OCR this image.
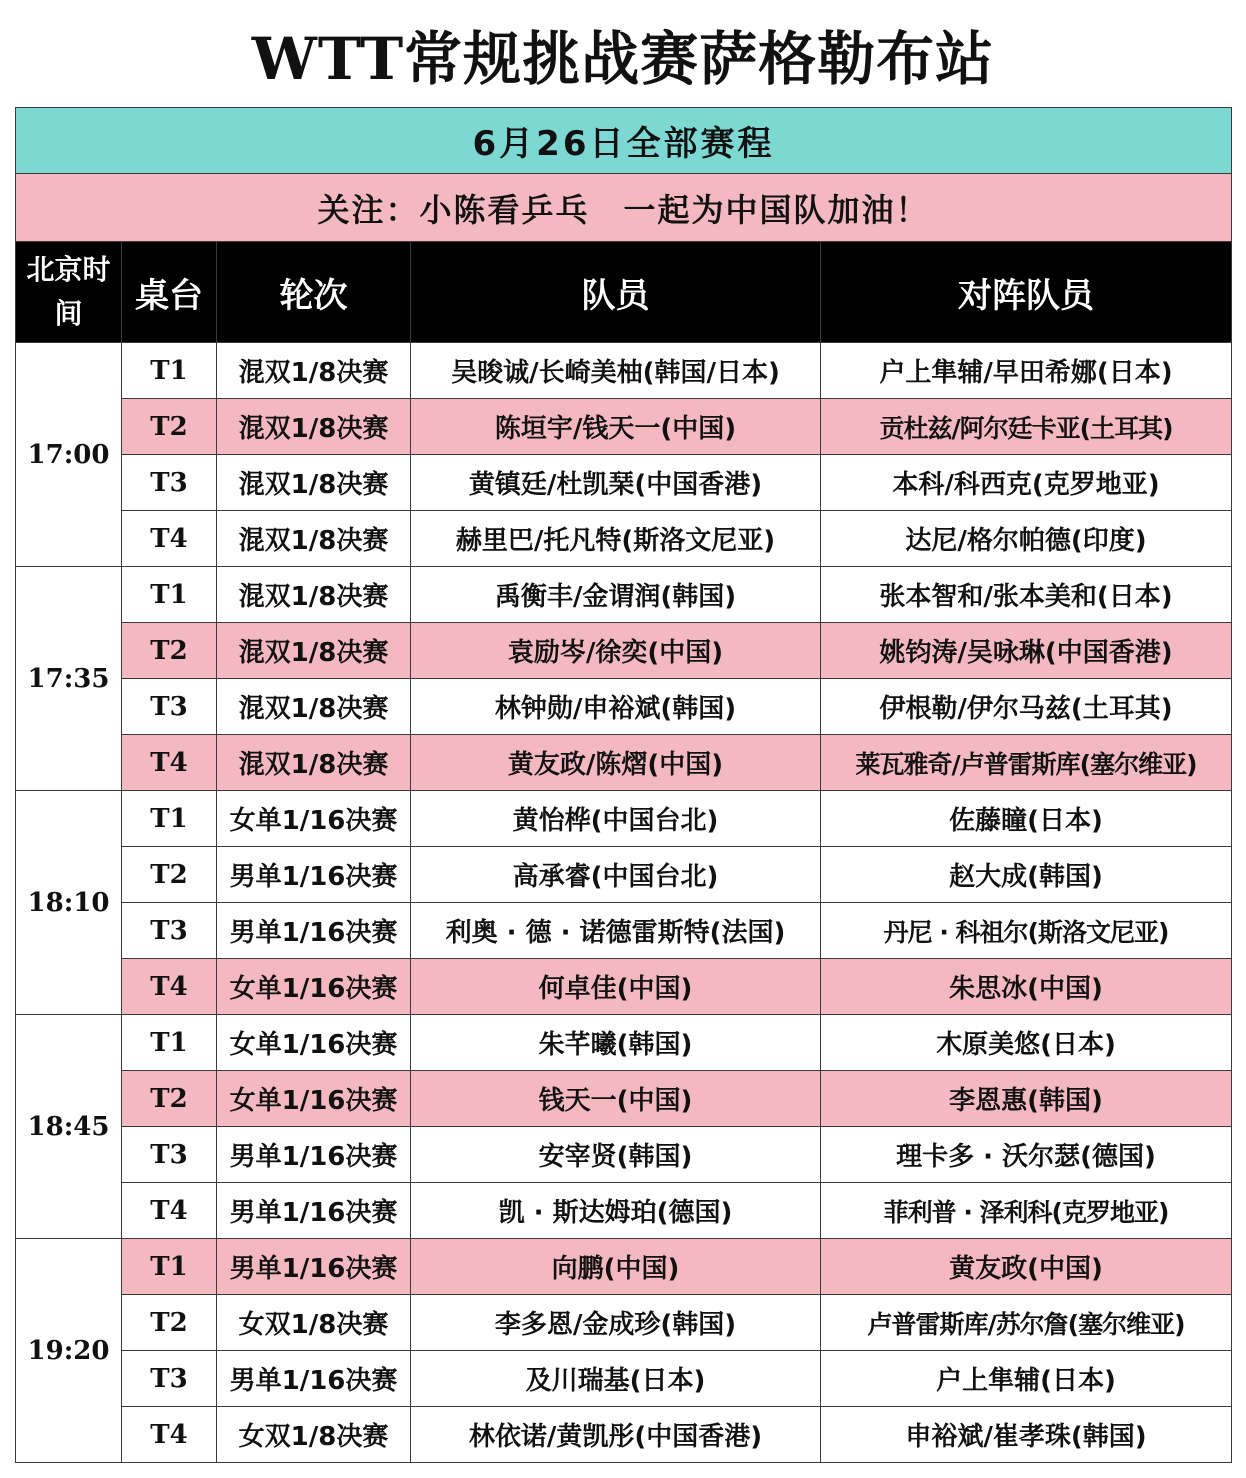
WTT常规挑战赛萨格勒布站
6月26日全部赛程				
关注：小陈看乒乓　一起为中国队加油！				
北京时间	桌台	轮次	队员	对阵队员
17:00	T1	混双1/8决赛	吴晙诚/长崎美柚(韩国/日本)	户上隼辅/早田希娜(日本)
	T2	混双1/8决赛	陈垣宇/钱天一(中国)	贡杜兹/阿尔廷卡亚(土耳其)
	T3	混双1/8决赛	黄镇廷/杜凯琹(中国香港)	本科/科西克(克罗地亚)
	T4	混双1/8决赛	赫里巴/托凡特(斯洛文尼亚)	达尼/格尔帕德(印度)
17:35	T1	混双1/8决赛	禹衡丰/金谓润(韩国)	张本智和/张本美和(日本)
	T2	混双1/8决赛	袁励岑/徐奕(中国)	姚钧涛/吴咏琳(中国香港)
	T3	混双1/8决赛	林钟勋/申裕斌(韩国)	伊根勒/伊尔马兹(土耳其)
	T4	混双1/8决赛	黄友政/陈熠(中国)	莱瓦雅奇/卢普雷斯库(塞尔维亚)
18:10	T1	女单1/16决赛	黄怡桦(中国台北)	佐藤瞳(日本)
	T2	男单1/16决赛	高承睿(中国台北)	赵大成(韩国)
	T3	男单1/16决赛	利奥 · 德 · 诺德雷斯特(法国)	丹尼 · 科祖尔(斯洛文尼亚)
	T4	女单1/16决赛	何卓佳(中国)	朱思冰(中国)
18:45	T1	女单1/16决赛	朱芊曦(韩国)	木原美悠(日本)
	T2	女单1/16决赛	钱天一(中国)	李恩惠(韩国)
	T3	男单1/16决赛	安宰贤(韩国)	理卡多 · 沃尔瑟(德国)
	T4	男单1/16决赛	凯 · 斯达姆珀(德国)	菲利普 · 泽利科(克罗地亚)
19:20	T1	男单1/16决赛	向鹏(中国)	黄友政(中国)
	T2	女双1/8决赛	李多恩/金成珍(韩国)	卢普雷斯库/苏尔詹(塞尔维亚)
	T3	男单1/16决赛	及川瑞基(日本)	户上隼辅(日本)
	T4	女双1/8决赛	林依诺/黄凯彤(中国香港)	申裕斌/崔孝珠(韩国)
